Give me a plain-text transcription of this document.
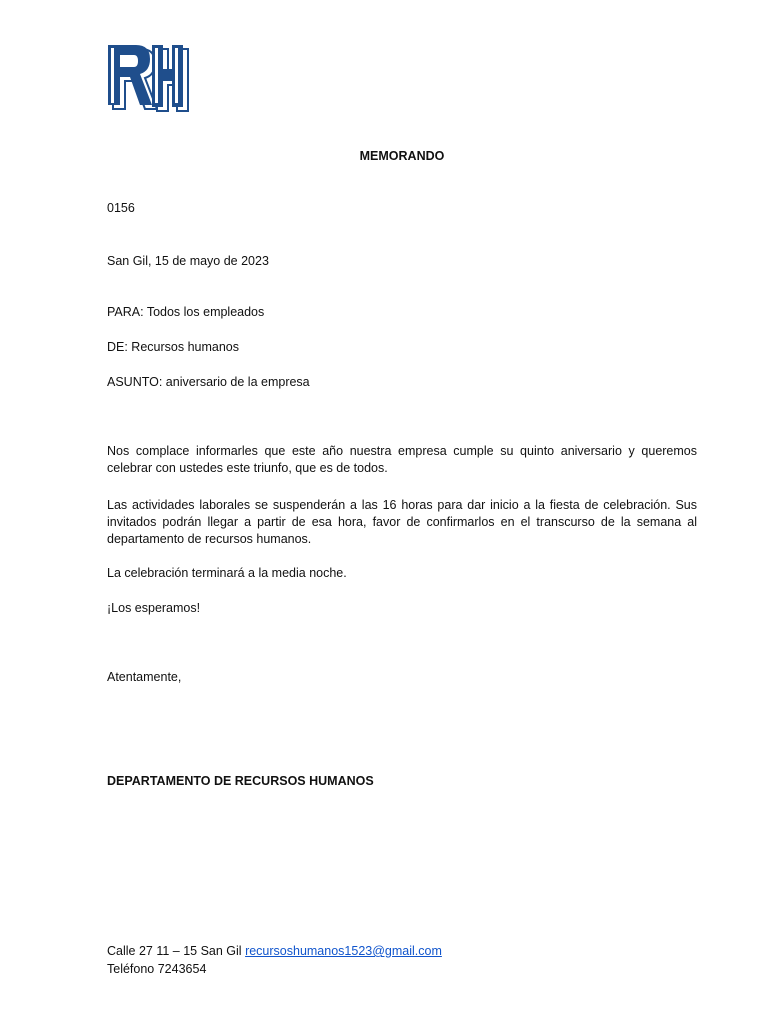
MEMORANDO
0156
San Gil, 15 de mayo de 2023
PARA: Todos los empleados
DE: Recursos humanos
ASUNTO: aniversario de la empresa
Nos complace informarles que este año nuestra empresa cumple su quinto aniversario y queremos celebrar con ustedes este triunfo, que es de todos.
Las actividades laborales se suspenderán a las 16 horas para dar inicio a la fiesta de celebración. Sus invitados podrán llegar a partir de esa hora, favor de confirmarlos en el transcurso de la semana al departamento de recursos humanos.
La celebración terminará a la media noche.
¡Los esperamos!
Atentamente,
DEPARTAMENTO DE RECURSOS HUMANOS
Calle 27 11 – 15 San Gil recursoshumanos1523@gmail.com
Teléfono 7243654
